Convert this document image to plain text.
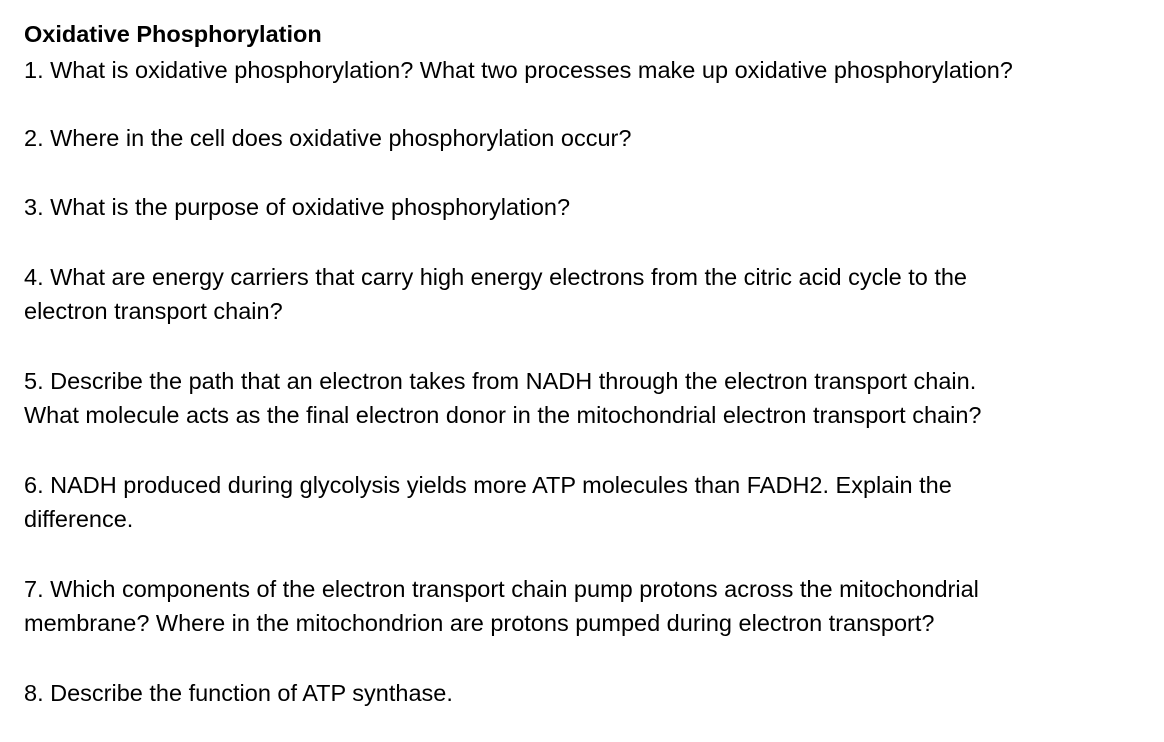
Oxidative Phosphorylation
1. What is oxidative phosphorylation? What two processes make up oxidative phosphorylation?
2. Where in the cell does oxidative phosphorylation occur?
3. What is the purpose of oxidative phosphorylation?
4. What are energy carriers that carry high energy electrons from the citric acid cycle to the
electron transport chain?
5. Describe the path that an electron takes from NADH through the electron transport chain.
What molecule acts as the final electron donor in the mitochondrial electron transport chain?
6. NADH produced during glycolysis yields more ATP molecules than FADH2. Explain the
difference.
7. Which components of the electron transport chain pump protons across the mitochondrial
membrane? Where in the mitochondrion are protons pumped during electron transport?
8. Describe the function of ATP synthase.
